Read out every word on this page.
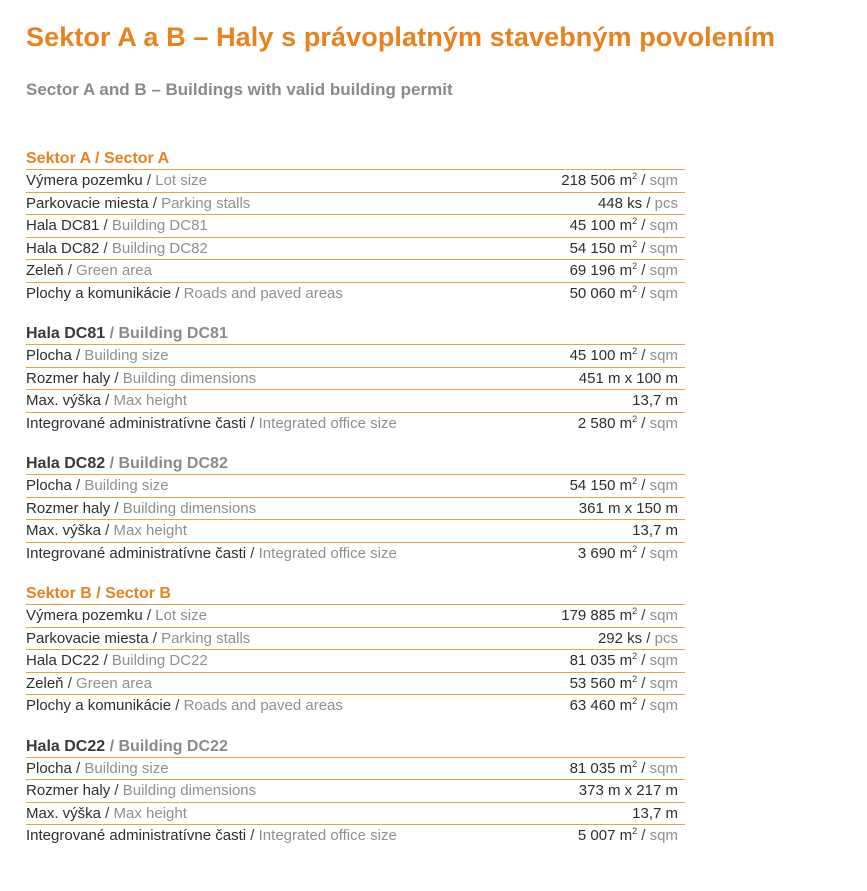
Sektor A a B – Haly s právoplatným stavebným povolením
Sector A and B – Buildings with valid building permit
Sektor A / Sector A
Výmera pozemku / Lot size	218 506 $m^2$ / sqm
Parkovacie miesta / Parking stalls	448 ks / pcs
Hala DC81 / Building DC81	45 100 $m^2$ / sqm
Hala DC82 / Building DC82	54 150 $m^2$ / sqm
Zeleň / Green area	69 196 $m^2$ / sqm
Plochy a komunikácie / Roads and paved areas	50 060 $m^2$ / sqm
Hala DC81 / Building DC81
Plocha / Building size	45 100 $m^2$ / sqm
Rozmer haly / Building dimensions	451 m x 100 m
Max. výška / Max height	13,7 m
Integrované administratívne časti / Integrated office size	2 580 $m^2$ / sqm
Hala DC82 / Building DC82
Plocha / Building size	54 150 $m^2$ / sqm
Rozmer haly / Building dimensions	361 m x 150 m
Max. výška / Max height	13,7 m
Integrované administratívne časti / Integrated office size	3 690 $m^2$ / sqm
Sektor B / Sector B
Výmera pozemku / Lot size	179 885 $m^2$ / sqm
Parkovacie miesta / Parking stalls	292 ks / pcs
Hala DC22 / Building DC22	81 035 $m^2$ / sqm
Zeleň / Green area	53 560 $m^2$ / sqm
Plochy a komunikácie / Roads and paved areas	63 460 $m^2$ / sqm
Hala DC22 / Building DC22
Plocha / Building size	81 035 $m^2$ / sqm
Rozmer haly / Building dimensions	373 m x 217 m
Max. výška / Max height	13,7 m
Integrované administratívne časti / Integrated office size	5 007 $m^2$ / sqm
